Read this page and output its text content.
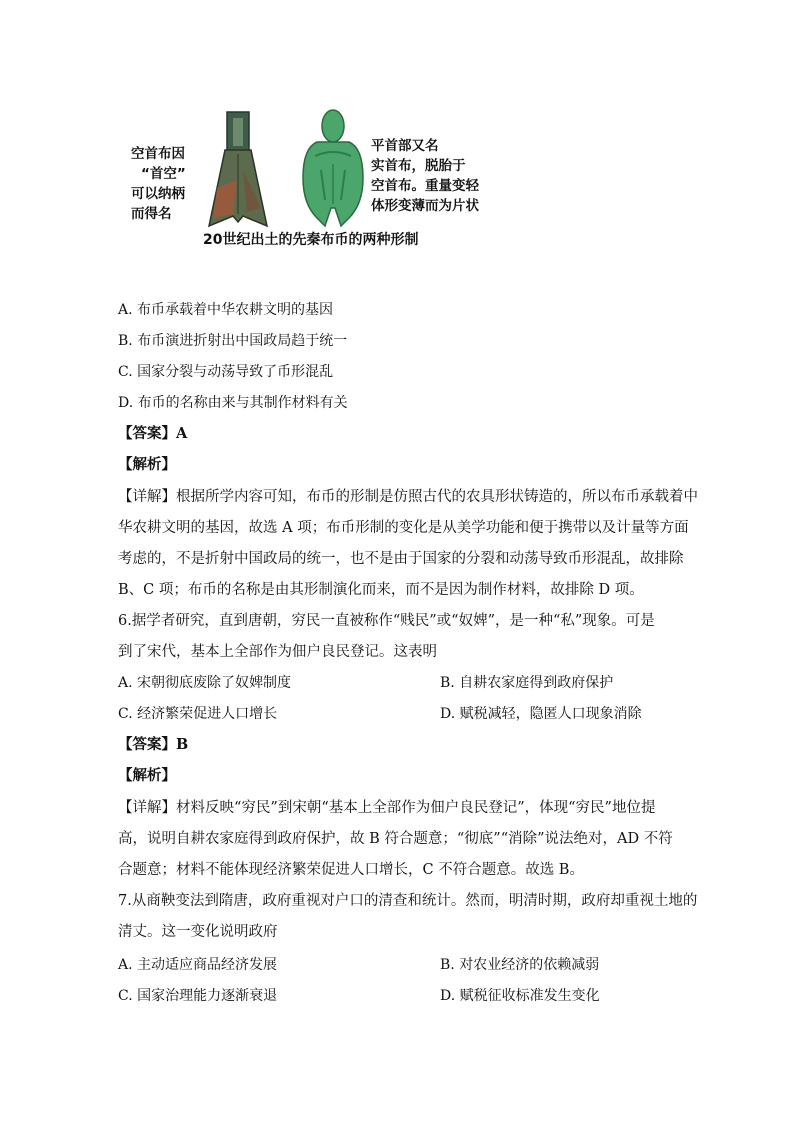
空首布因
“首空”
可以纳柄
而得名
平首部又名
实首布，脱胎于
空首布。重量变轻
体形变薄而为片状
20世纪出土的先秦布币的两种形制
A. 布币承载着中华农耕文明的基因
B. 布币演进折射出中国政局趋于统一
C. 国家分裂与动荡导致了币形混乱
D. 布币的名称由来与其制作材料有关
【答案】A
【解析】
【详解】根据所学内容可知，布币的形制是仿照古代的农具形状铸造的，所以布币承载着中
华农耕文明的基因，故选 A 项；布币形制的变化是从美学功能和便于携带以及计量等方面
考虑的，不是折射中国政局的统一，也不是由于国家的分裂和动荡导致币形混乱，故排除
B、C 项；布币的名称是由其形制演化而来，而不是因为制作材料，故排除 D 项。
6.据学者研究，直到唐朝，穷民一直被称作“贱民”或“奴婢”，是一种“私”现象。可是
到了宋代，基本上全部作为佃户良民登记。这表明
A. 宋朝彻底废除了奴婢制度	B. 自耕农家庭得到政府保护
C. 经济繁荣促进人口增长	D. 赋税减轻，隐匿人口现象消除
【答案】B
【解析】
【详解】材料反映“穷民”到宋朝“基本上全部作为佃户良民登记”，体现“穷民”地位提
高，说明自耕农家庭得到政府保护，故 B 符合题意；“彻底”“消除”说法绝对，AD 不符
合题意；材料不能体现经济繁荣促进人口增长，C 不符合题意。故选 B。
7.从商鞅变法到隋唐，政府重视对户口的清查和统计。然而，明清时期，政府却重视土地的
清丈。这一变化说明政府
A. 主动适应商品经济发展	B. 对农业经济的依赖减弱
C. 国家治理能力逐渐衰退	D. 赋税征收标准发生变化
